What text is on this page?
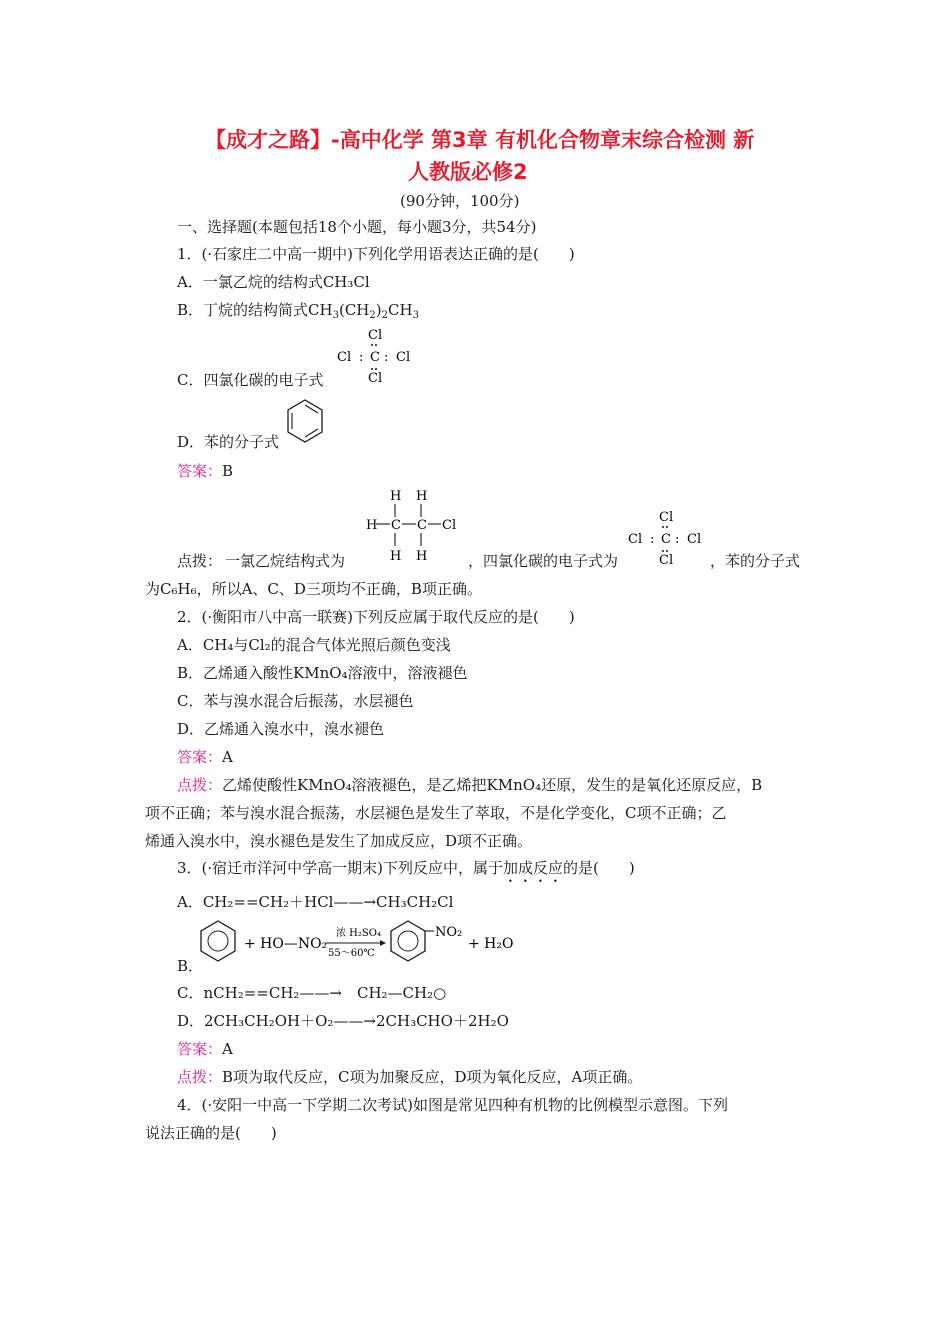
【成才之路】-高中化学 第3章 有机化合物章末综合检测 新
人教版必修2
(90分钟，100分)
一、选择题(本题包括18个小题，每小题3分，共54分)
1．(·石家庄二中高一期中)下列化学用语表达正确的是(　　)
A．一氯乙烷的结构式CH₃Cl
B．丁烷的结构简式$CH_3(CH_2)_2CH_3$
Cl
Cl : C : Cl
Cl
C．四氯化碳的电子式
D．苯的分子式
答案：B
H H
H C C Cl
H H
Cl
Cl : C : Cl
Cl
点拨： 一氯乙烷结构式为	，四氯化碳的电子式为	，苯的分子式
为C₆H₆，所以A、C、D三项均不正确，B项正确。
2．(·衡阳市八中高一联赛)下列反应属于取代反应的是(　　)
A．CH₄与Cl₂的混合气体光照后颜色变浅
B．乙烯通入酸性KMnO₄溶液中，溶液褪色
C．苯与溴水混合后振荡，水层褪色
D．乙烯通入溴水中，溴水褪色
答案：A
点拨：乙烯使酸性KMnO₄溶液褪色，是乙烯把KMnO₄还原，发生的是氧化还原反应，B
项不正确；苯与溴水混合振荡，水层褪色是发生了萃取，不是化学变化，C项不正确；乙
烯通入溴水中，溴水褪色是发生了加成反应，D项不正确。
3．(·宿迁市洋河中学高一期末)下列反应中，属于加成反应的是(　　)
A．CH₂==CH₂＋HCl——→CH₃CH₂Cl
B．
+ HO—NO₂
浓 H₂SO₄
55～60℃
NO₂
+ H₂O
C．nCH₂==CH₂——→　CH₂—CH₂○
D．2CH₃CH₂OH＋O₂——→2CH₃CHO＋2H₂O
答案：A
点拨：B项为取代反应，C项为加聚反应，D项为氧化反应，A项正确。
4．(·安阳一中高一下学期二次考试)如图是常见四种有机物的比例模型示意图。下列
说法正确的是(　　)
